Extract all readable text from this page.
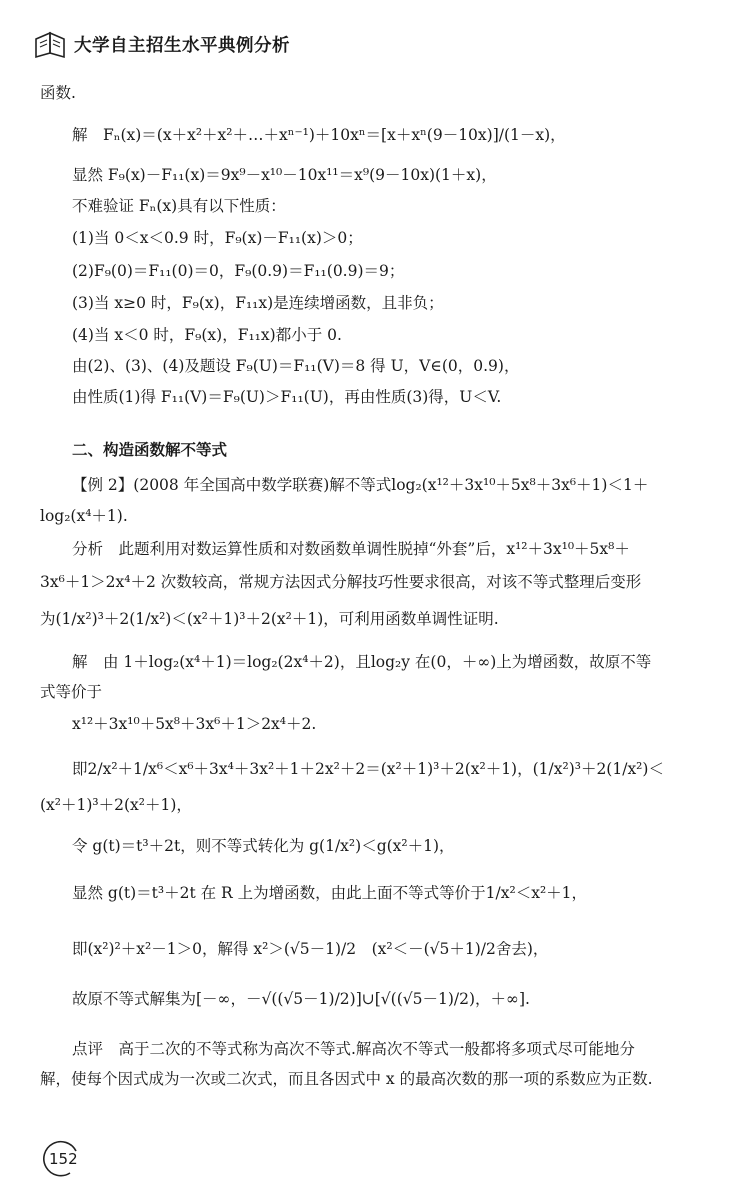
大学自主招生水平典例分析
函数.
解　Fₙ(x)＝(x＋x²＋x²＋…＋xⁿ⁻¹)＋10xⁿ＝[x＋xⁿ(9－10x)]/(1－x)，
显然 F₉(x)－F₁₁(x)＝9x⁹－x¹⁰－10x¹¹＝x⁹(9－10x)(1＋x)，
不难验证 Fₙ(x)具有以下性质：
(1)当 0＜x＜0.9 时，F₉(x)－F₁₁(x)＞0；
(2)F₉(0)＝F₁₁(0)＝0，F₉(0.9)＝F₁₁(0.9)＝9；
(3)当 x≥0 时，F₉(x)，F₁₁x)是连续增函数，且非负；
(4)当 x＜0 时，F₉(x)，F₁₁x)都小于 0.
由(2)、(3)、(4)及题设 F₉(U)＝F₁₁(V)＝8 得 U，V∈(0，0.9)，
由性质(1)得 F₁₁(V)＝F₉(U)＞F₁₁(U)，再由性质(3)得，U＜V.
二、构造函数解不等式
【例 2】(2008 年全国高中数学联赛)解不等式log₂(x¹²＋3x¹⁰＋5x⁸＋3x⁶＋1)＜1＋
log₂(x⁴＋1).
分析　此题利用对数运算性质和对数函数单调性脱掉“外套”后，x¹²＋3x¹⁰＋5x⁸＋
3x⁶＋1＞2x⁴＋2 次数较高，常规方法因式分解技巧性要求很高，对该不等式整理后变形
为(1/x²)³＋2(1/x²)＜(x²＋1)³＋2(x²＋1)，可利用函数单调性证明.
解　由 1＋log₂(x⁴＋1)＝log₂(2x⁴＋2)，且log₂y 在(0，＋∞)上为增函数，故原不等
式等价于
x¹²＋3x¹⁰＋5x⁸＋3x⁶＋1＞2x⁴＋2.
即2/x²＋1/x⁶＜x⁶＋3x⁴＋3x²＋1＋2x²＋2＝(x²＋1)³＋2(x²＋1)，(1/x²)³＋2(1/x²)＜
(x²＋1)³＋2(x²＋1)，
令 g(t)＝t³＋2t，则不等式转化为 g(1/x²)＜g(x²＋1)，
显然 g(t)＝t³＋2t 在 R 上为增函数，由此上面不等式等价于1/x²＜x²＋1，
即(x²)²＋x²－1＞0，解得 x²＞(√5－1)/2　(x²＜－(√5＋1)/2舍去)，
故原不等式解集为[－∞，－√((√5－1)/2)]∪[√((√5－1)/2)，＋∞].
点评　高于二次的不等式称为高次不等式.解高次不等式一般都将多项式尽可能地分
解，使每个因式成为一次或二次式，而且各因式中 x 的最高次数的那一项的系数应为正数.
152
